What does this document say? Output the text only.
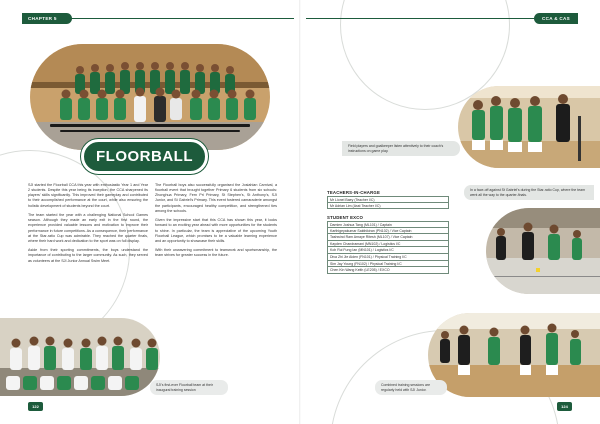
CHAPTER 5	CCA & CAS
FLOORBALL

SJI started the Floorball CCA this year with enthusiastic Year 1 and Year 2 students. Despite this year being its inception, the CCA sharpened its players' skills significantly. This improved their gameplay and contributed to their accomplished performance at the court, while also ensuring the holistic development of students beyond the court.

The team started the year with a challenging National School Games season. Although they made an early exit in the first round, the experience provided valuable lessons and motivation to improve their performance in future competitions. As a consequence, their performance at the Star-ratio Cup was admirable. They reached the quarter finals, where their hard work and dedication to the sport was on full display.

Aside from their sporting commitments, the boys understand the importance of contributing to the larger community. As such, they served as volunteers at the SJI Junior Annual Swim Meet.

The Floorball boys also successfully organised the Josiahian Carnival, a floorball event that brought together Primary 6 students from six schools: Zhonghua Primary, Fern Pri Primary, St Stephen's, St Anthony's, SJI Junior, and St Gabriel's Primary. This event fostered camaraderie amongst the participants, encouraged healthy competition, and strengthened ties among the schools.

Given the impressive start that this CCA has shown this year, it looks forward to an exciting year ahead with more opportunities for the students to shine. In particular, the team is appreciative of the upcoming Youth Floorball League, which promises to be a valuable learning experience and an opportunity to showcase their skills.

With their unwavering commitment to teamwork and sportsmanship, the team strives for greater success in the future.

SJI's first-ever Floorball team at their inaugural training session
Field players and goalkeeper listen attentively to their coach's instructions on game play.
TEACHERS-IN-CHARGE
Mr Lionel Baey (Teacher I/C)
Mr Adrian Lim (Asst Teacher I/C)
STUDENT EXCO
Damien Joshua Tang (ML101) / Captain
Karthigeyakumar Sakthikiran (PN102) / Vice Captain
Tashwind Ram Arnaye Ritesh (ML107) / Vice Captain
Kayden Chandramani (MN102) / Logistics I/C
Koh Rui Fung Ian (MN101) / Logistics I/C
Diva Zhi Jie Aiden (FN101) / Physical Training I/C
Sim Jay Young (FN102) / Physical Training I/C
Chen Kin Wang Keith (LE205) / EXCO
In a face-off against St Gabriel's during the Star-ratio Cup, where the team went all the way to the quarter-finals.
Combined training sessions are regularly held with SJI Junior.
122	124
